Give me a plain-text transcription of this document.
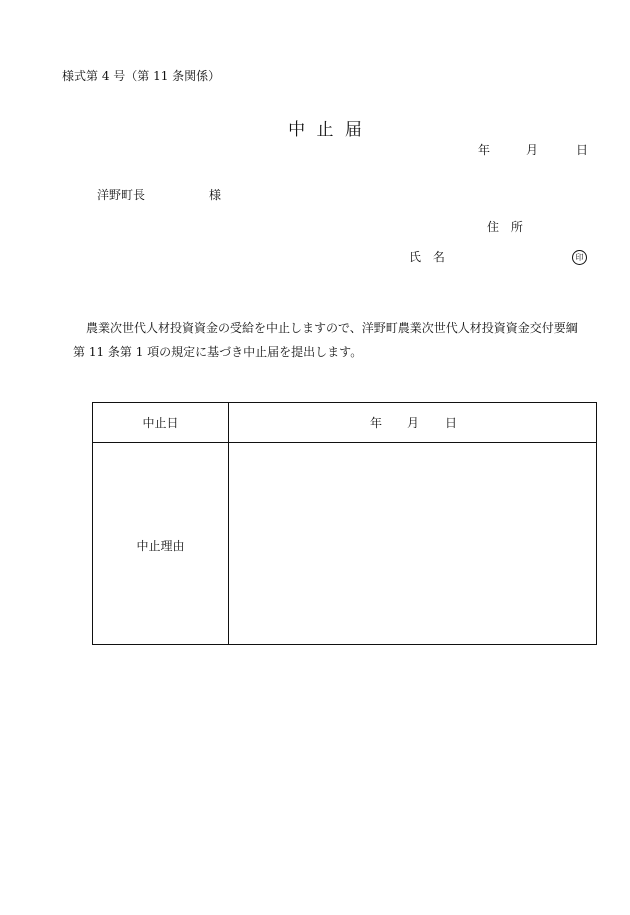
様式第 4 号（第 11 条関係）
中 止 届
年	月	日
洋野町長	様
住 所
氏 名	印
農業次世代人材投資資金の受給を中止しますので、洋野町農業次世代人材投資資金交付要綱
第 11 条第 1 項の規定に基づき中止届を提出します。
中止日	年 月 日
中止理由
